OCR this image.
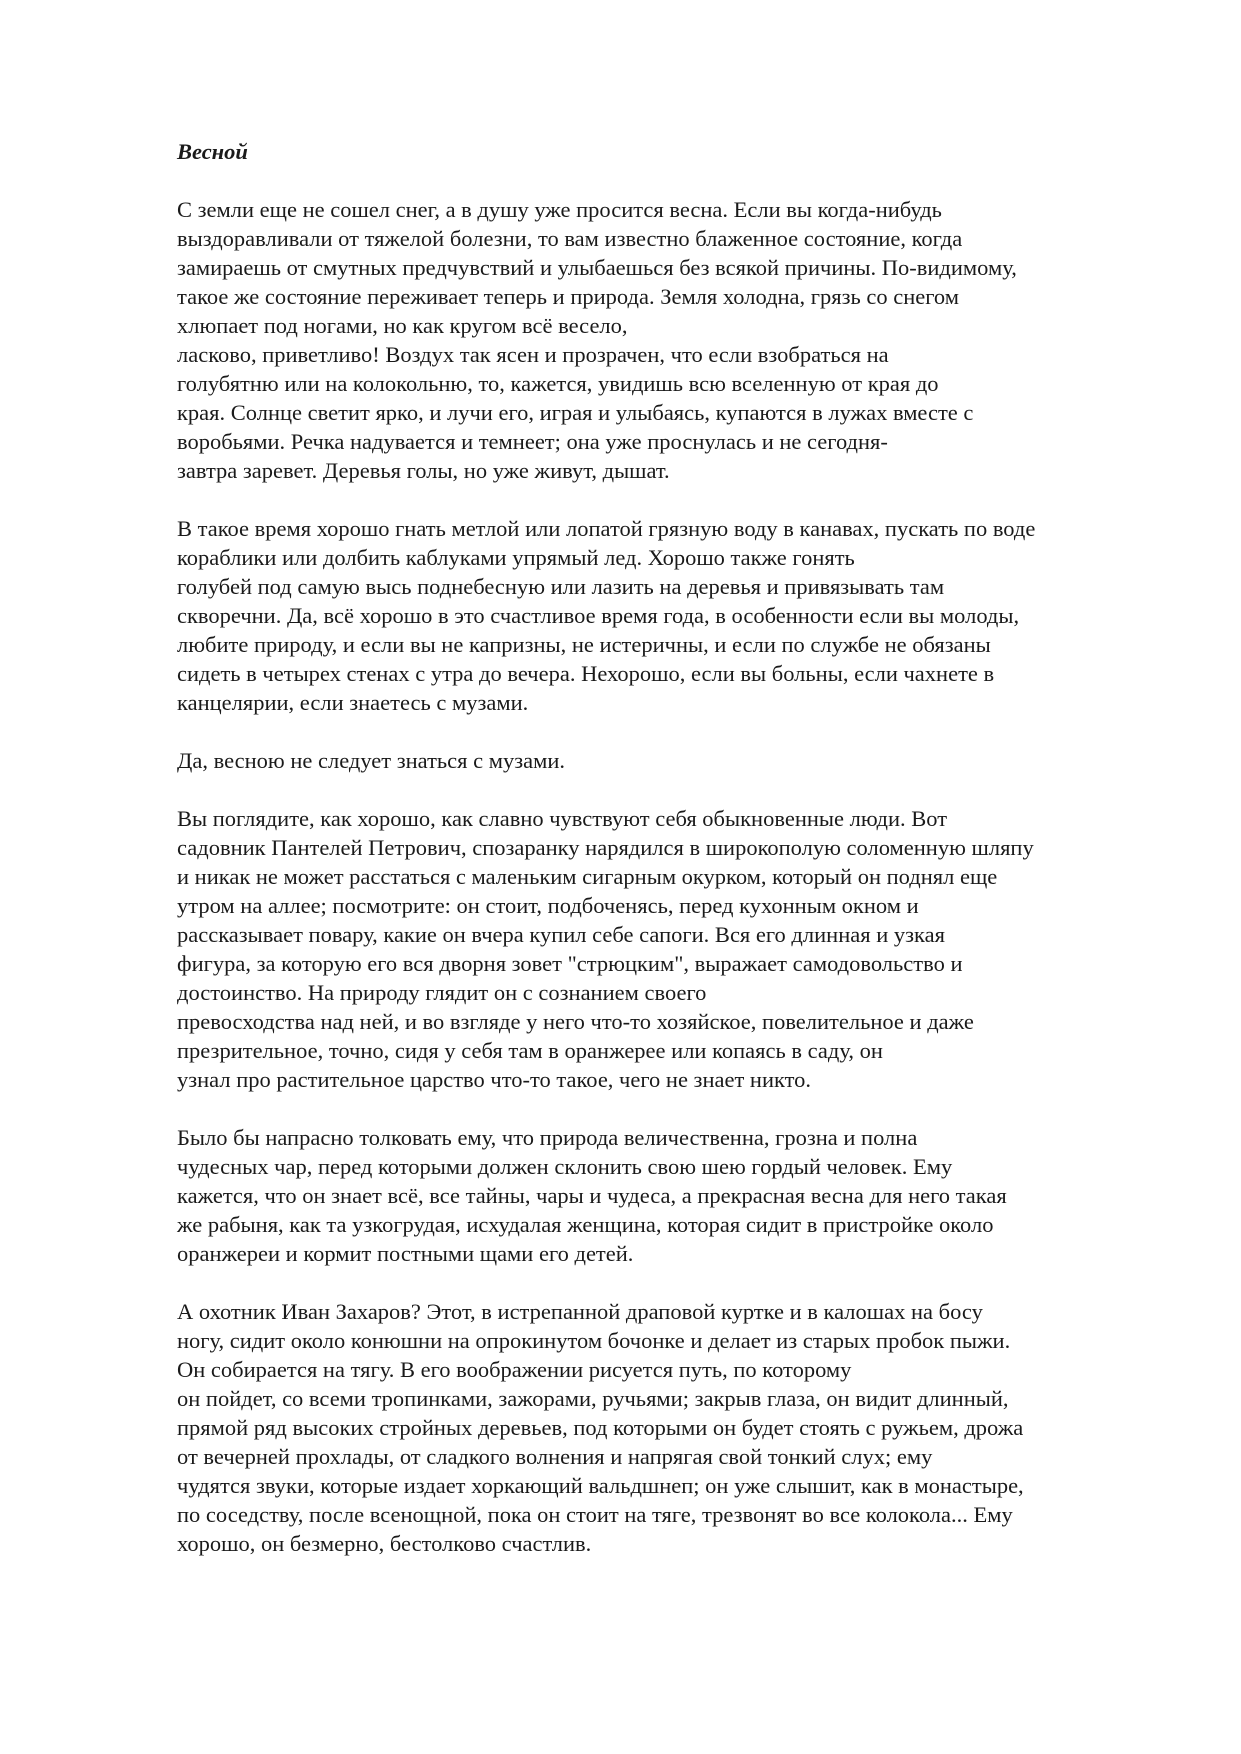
Весной
С земли еще не сошел снег, а в душу уже просится весна. Если вы когда-нибудь
выздоравливали от тяжелой болезни, то вам известно блаженное состояние, когда
замираешь от смутных предчувствий и улыбаешься без всякой причины. По-видимому,
такое же состояние переживает теперь и природа. Земля холодна, грязь со снегом
хлюпает под ногами, но как кругом всё весело,
ласково, приветливо! Воздух так ясен и прозрачен, что если взобраться на
голубятню или на колокольню, то, кажется, увидишь всю вселенную от края до
края. Солнце светит ярко, и лучи его, играя и улыбаясь, купаются в лужах вместе с
воробьями. Речка надувается и темнеет; она уже проснулась и не сегодня-
завтра заревет. Деревья голы, но уже живут, дышат.
В такое время хорошо гнать метлой или лопатой грязную воду в канавах, пускать по воде
кораблики или долбить каблуками упрямый лед. Хорошо также гонять
голубей под самую высь поднебесную или лазить на деревья и привязывать там
скворечни. Да, всё хорошо в это счастливое время года, в особенности если вы молоды,
любите природу, и если вы не капризны, не истеричны, и если по службе не обязаны
сидеть в четырех стенах с утра до вечера. Нехорошо, если вы больны, если чахнете в
канцелярии, если знаетесь с музами.
Да, весною не следует знаться с музами.
Вы поглядите, как хорошо, как славно чувствуют себя обыкновенные люди. Вот
садовник Пантелей Петрович, спозаранку нарядился в широкополую соломенную шляпу
и никак не может расстаться с маленьким сигарным окурком, который он поднял еще
утром на аллее; посмотрите: он стоит, подбоченясь, перед кухонным окном и
рассказывает повару, какие он вчера купил себе сапоги. Вся его длинная и узкая
фигура, за которую его вся дворня зовет "стрюцким", выражает самодовольство и
достоинство. На природу глядит он с сознанием своего
превосходства над ней, и во взгляде у него что-то хозяйское, повелительное и даже
презрительное, точно, сидя у себя там в оранжерее или копаясь в саду, он
узнал про растительное царство что-то такое, чего не знает никто.
Было бы напрасно толковать ему, что природа величественна, грозна и полна
чудесных чар, перед которыми должен склонить свою шею гордый человек. Ему
кажется, что он знает всё, все тайны, чары и чудеса, а прекрасная весна для него такая
же рабыня, как та узкогрудая, исхудалая женщина, которая сидит в пристройке около
оранжереи и кормит постными щами его детей.
А охотник Иван Захаров? Этот, в истрепанной драповой куртке и в калошах на босу
ногу, сидит около конюшни на опрокинутом бочонке и делает из старых пробок пыжи.
Он собирается на тягу. В его воображении рисуется путь, по которому
он пойдет, со всеми тропинками, зажорами, ручьями; закрыв глаза, он видит длинный,
прямой ряд высоких стройных деревьев, под которыми он будет стоять с ружьем, дрожа
от вечерней прохлады, от сладкого волнения и напрягая свой тонкий слух; ему
чудятся звуки, которые издает хоркающий вальдшнеп; он уже слышит, как в монастыре,
по соседству, после всенощной, пока он стоит на тяге, трезвонят во все колокола... Ему
хорошо, он безмерно, бестолково счастлив.
